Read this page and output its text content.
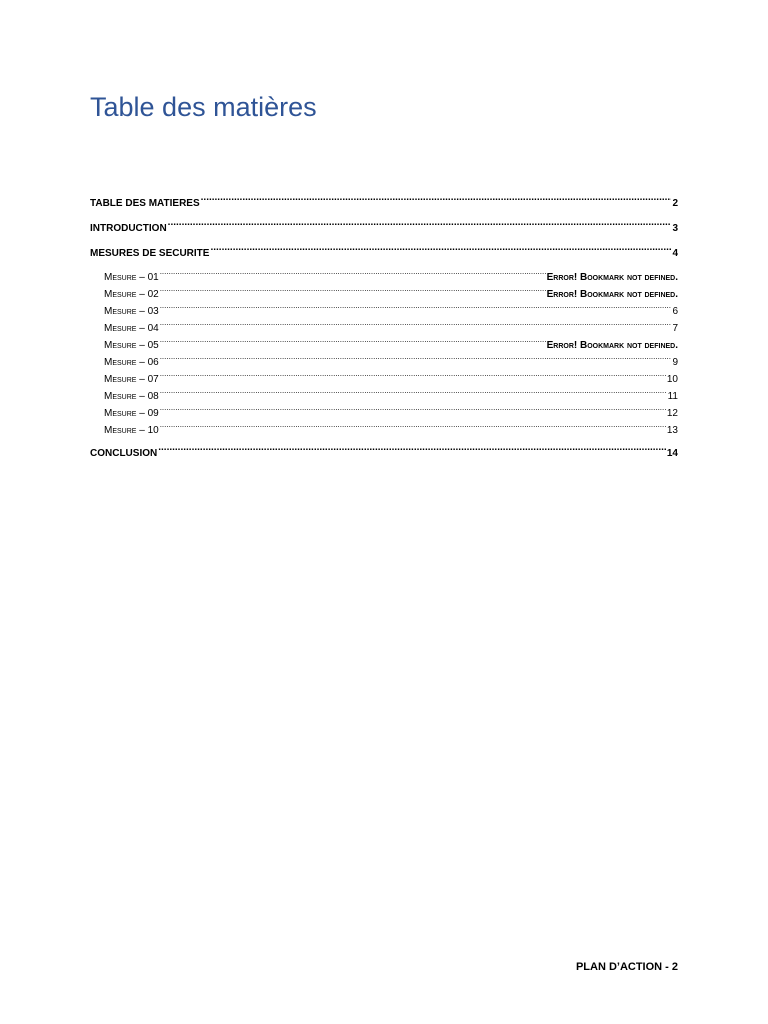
Table des matières
TABLE DES MATIERES .....	2
INTRODUCTION .....	3
MESURES DE SECURITE .....	4
Mesure – 01 .....	Error! Bookmark not defined.
Mesure – 02 .....	Error! Bookmark not defined.
Mesure – 03 .....	6
Mesure – 04 .....	7
Mesure – 05 .....	Error! Bookmark not defined.
Mesure – 06 .....	9
Mesure – 07 .....	10
Mesure – 08 .....	11
Mesure – 09 .....	12
Mesure – 10 .....	13
CONCLUSION .....	14
PLAN D’ACTION - 2
